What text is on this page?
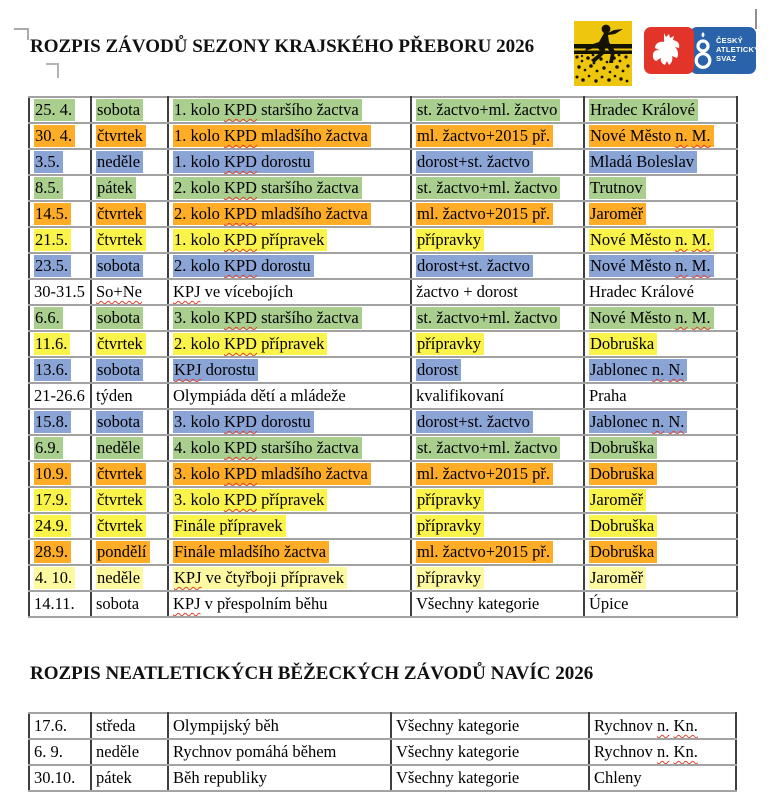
ROZPIS ZÁVODŮ SEZONY KRAJSKÉHO PŘEBORU 2026	ČESKÝ
ATLETICKÝ
SVAZ
25. 4.	sobota	1. kolo KPD staršího žactva	st. žactvo+ml. žactvo	Hradec Králové
30. 4.	čtvrtek	1. kolo KPD mladšího žactva	ml. žactvo+2015 př.	Nové Město n. M.
3.5.	neděle	1. kolo KPD dorostu	dorost+st. žactvo	Mladá Boleslav
8.5.	pátek	2. kolo KPD staršího žactva	st. žactvo+ml. žactvo	Trutnov
14.5.	čtvrtek	2. kolo KPD mladšího žactva	ml. žactvo+2015 př.	Jaroměř
21.5.	čtvrtek	1. kolo KPD přípravek	přípravky	Nové Město n. M.
23.5.	sobota	2. kolo KPD dorostu	dorost+st. žactvo	Nové Město n. M.
30-31.5	So+Ne	KPJ ve vícebojích	žactvo + dorost	Hradec Králové
6.6.	sobota	3. kolo KPD staršího žactva	st. žactvo+ml. žactvo	Nové Město n. M.
11.6.	čtvrtek	2. kolo KPD přípravek	přípravky	Dobruška
13.6.	sobota	KPJ dorostu	dorost	Jablonec n. N.
21-26.6	týden	Olympiáda dětí a mládeže	kvalifikovaní	Praha
15.8.	sobota	3. kolo KPD dorostu	dorost+st. žactvo	Jablonec n. N.
6.9.	neděle	4. kolo KPD staršího žactva	st. žactvo+ml. žactvo	Dobruška
10.9.	čtvrtek	3. kolo KPD mladšího žactva	ml. žactvo+2015 př.	Dobruška
17.9.	čtvrtek	3. kolo KPD přípravek	přípravky	Jaroměř
24.9.	čtvrtek	Finále přípravek	přípravky	Dobruška
28.9.	pondělí	Finále mladšího žactva	ml. žactvo+2015 př.	Dobruška
4. 10.	neděle	KPJ ve čtyřboji přípravek	přípravky	Jaroměř
14.11.	sobota	KPJ v přespolním běhu	Všechny kategorie	Úpice
ROZPIS NEATLETICKÝCH BĚŽECKÝCH ZÁVODŮ NAVÍC 2026
17.6.	středa	Olympijský běh	Všechny kategorie	Rychnov n. Kn.
6. 9.	neděle	Rychnov pomáhá během	Všechny kategorie	Rychnov n. Kn.
30.10.	pátek	Běh republiky	Všechny kategorie	Chleny
